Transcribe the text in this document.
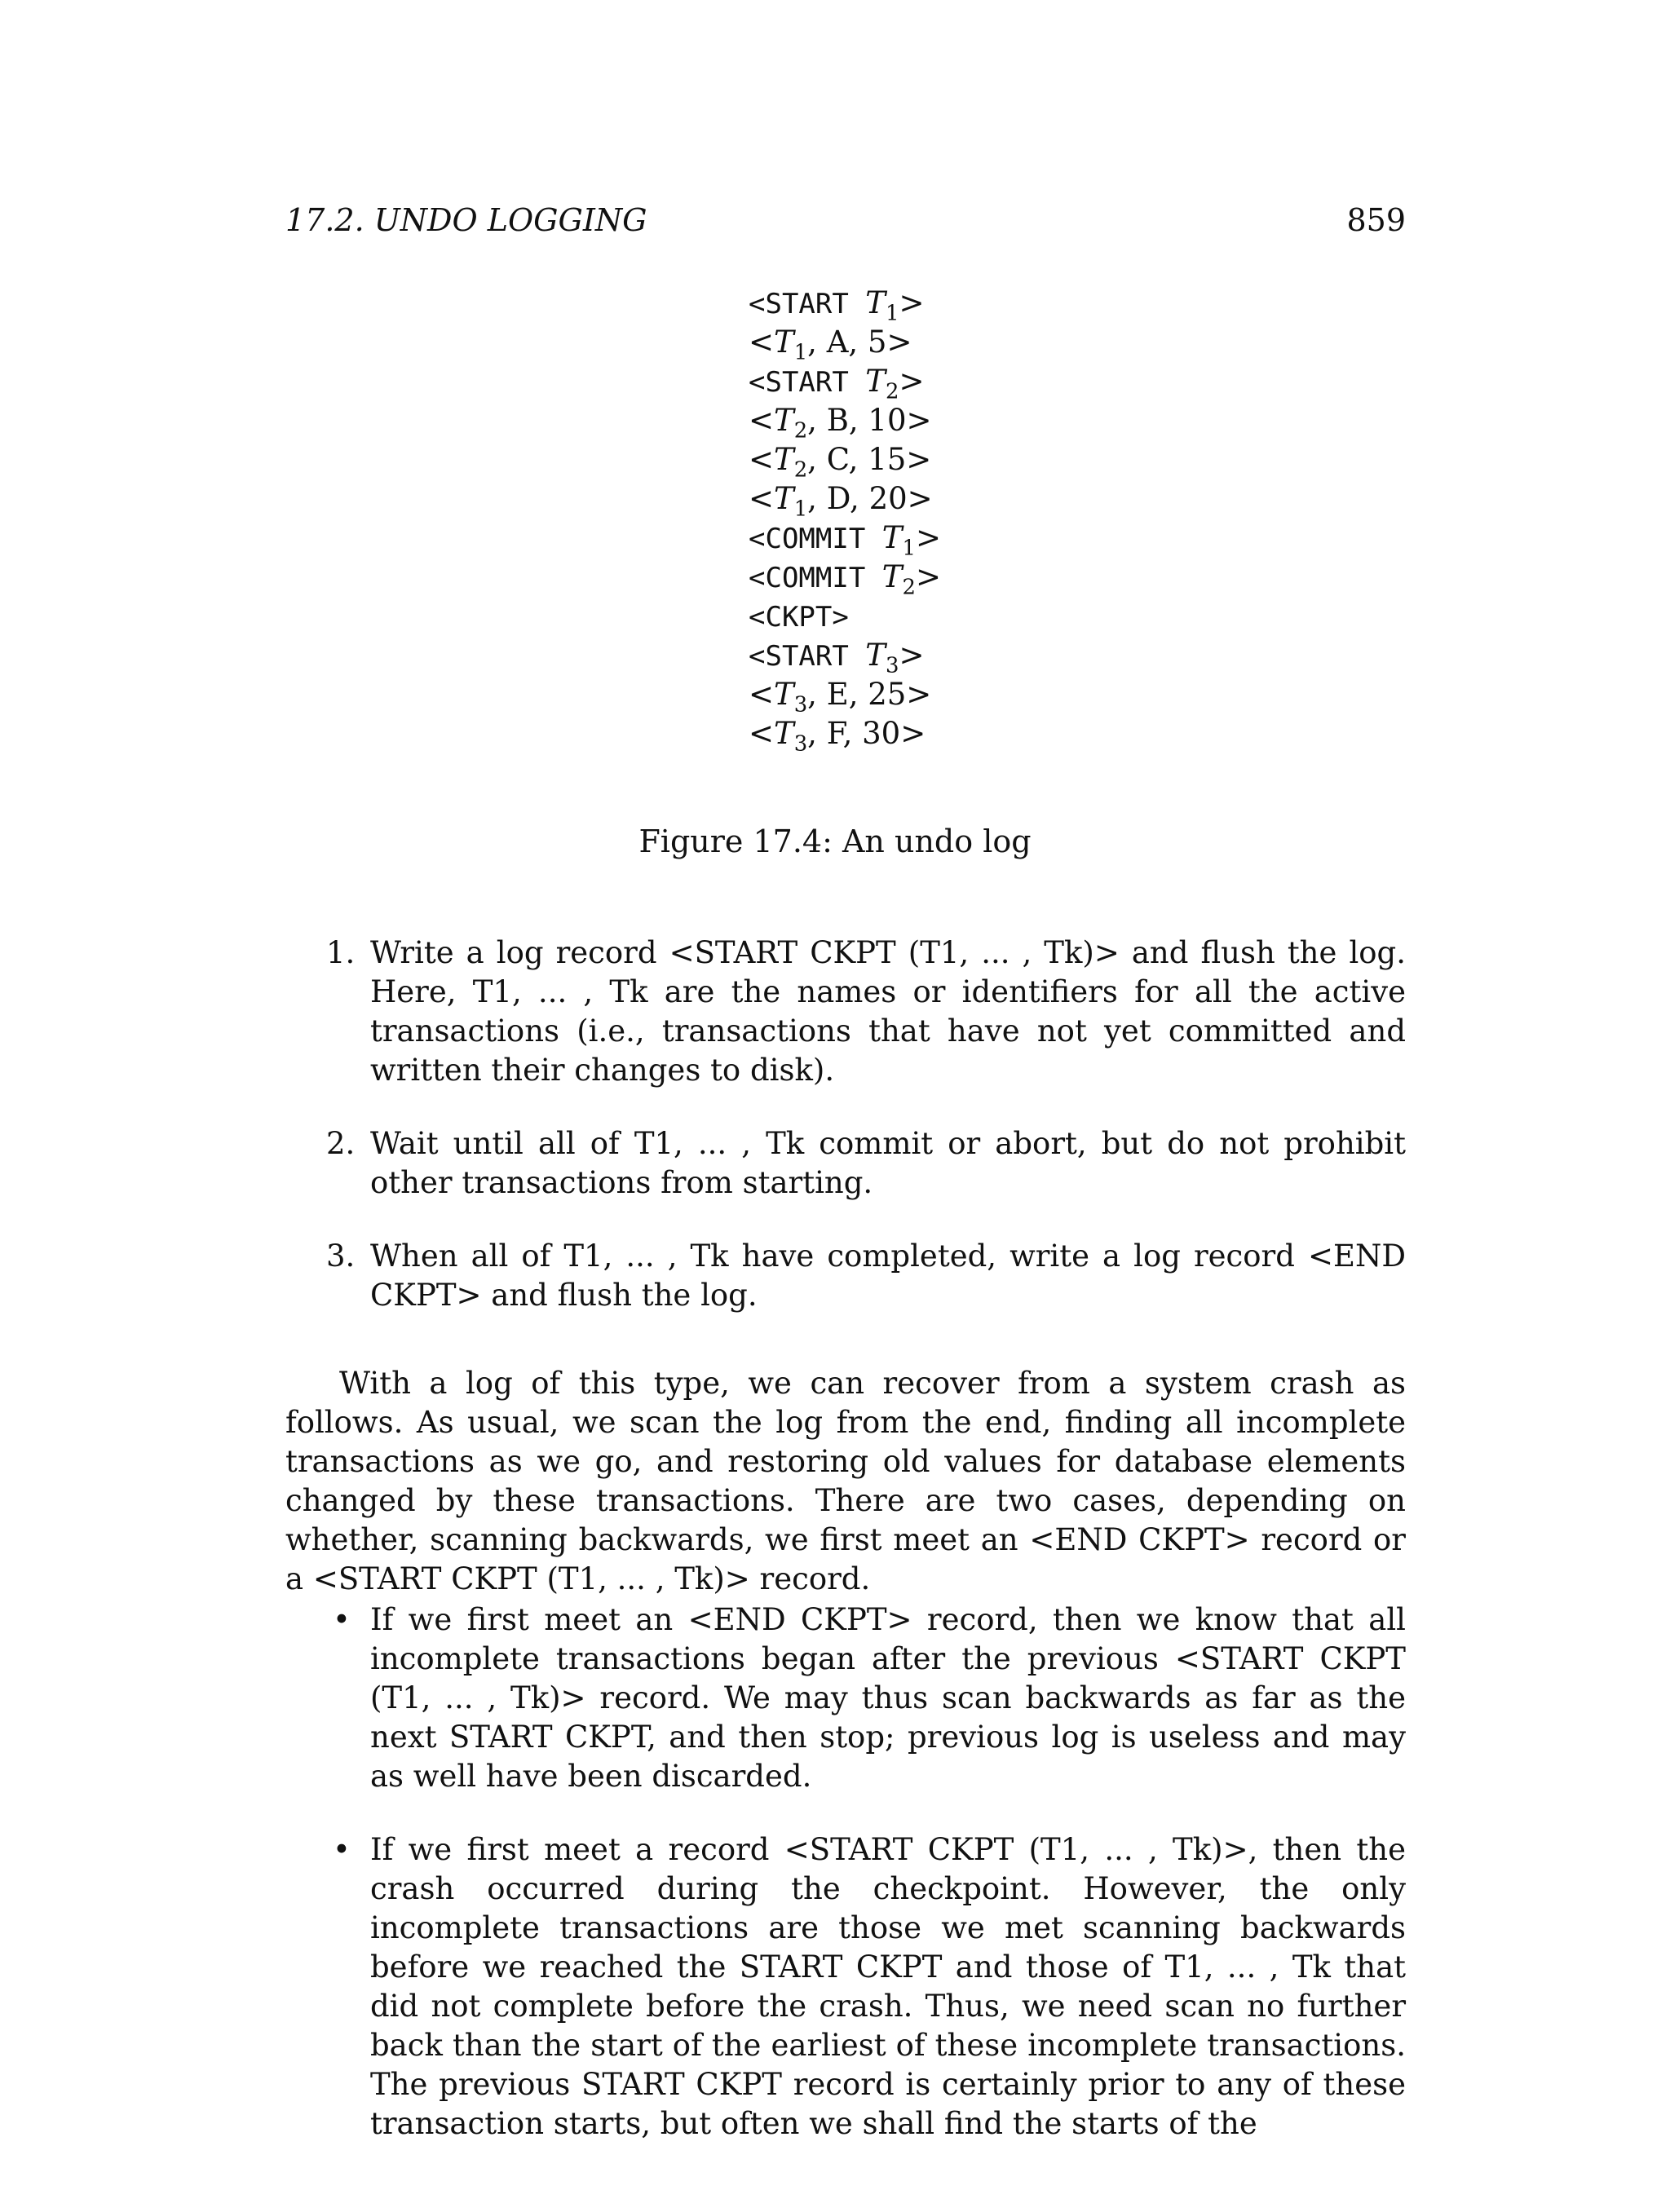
17.2. UNDO LOGGING	859
<START $T_1>$
$<T_1$, A, 5>
<START $T_2>$
$<T_2$, B, 10>
$<T_2$, C, 15>
$<T_1$, D, 20>
<COMMIT $T_1>$
<COMMIT $T_2>$
<CKPT>
<START $T_3>$
$<T_3$, E, 25>
$<T_3$, F, 30>
Figure 17.4: An undo log
1. Write a log record <START CKPT (T1, ... , Tk)> and flush the log. Here, T1, ... , Tk are the names or identifiers for all the active transactions (i.e., transactions that have not yet committed and written their changes to disk).
2. Wait until all of T1, ... , Tk commit or abort, but do not prohibit other transactions from starting.
3. When all of T1, ... , Tk have completed, write a log record <END CKPT> and flush the log.

With a log of this type, we can recover from a system crash as follows. As usual, we scan the log from the end, finding all incomplete transactions as we go, and restoring old values for database elements changed by these transactions. There are two cases, depending on whether, scanning backwards, we first meet an <END CKPT> record or a <START CKPT (T1, ... , Tk)> record.

• If we first meet an <END CKPT> record, then we know that all incomplete transactions began after the previous <START CKPT (T1, ... , Tk)> record. We may thus scan backwards as far as the next START CKPT, and then stop; previous log is useless and may as well have been discarded.
• If we first meet a record <START CKPT (T1, ... , Tk)>, then the crash occurred during the checkpoint. However, the only incomplete transactions are those we met scanning backwards before we reached the START CKPT and those of T1, ... , Tk that did not complete before the crash. Thus, we need scan no further back than the start of the earliest of these incomplete transactions. The previous START CKPT record is certainly prior to any of these transaction starts, but often we shall find the starts of the
